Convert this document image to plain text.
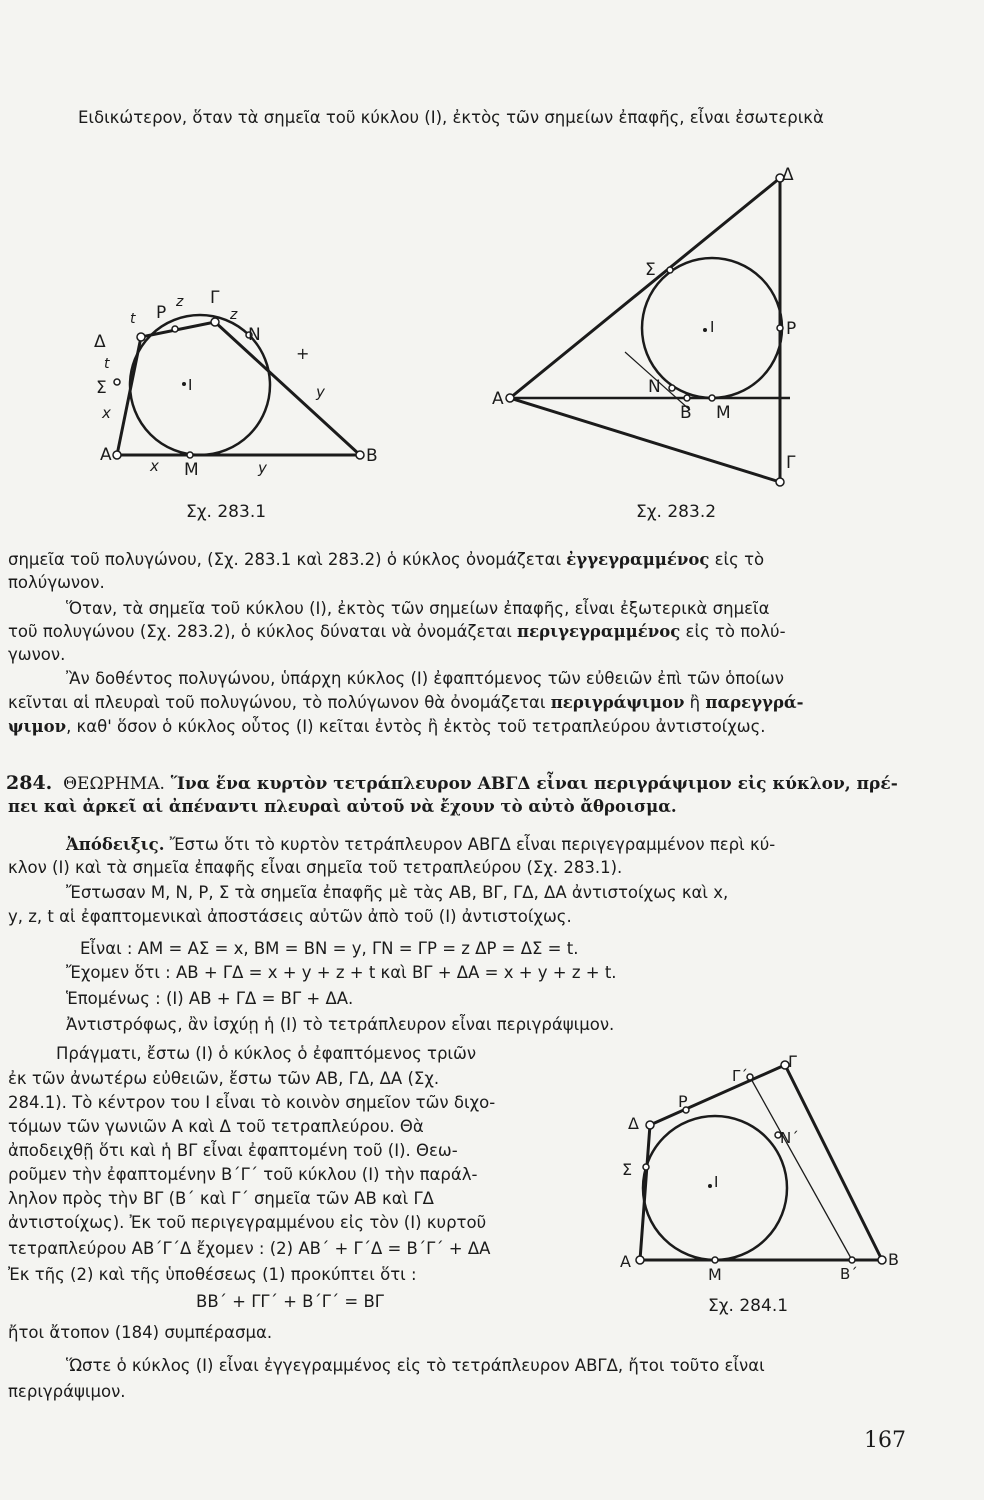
Ειδικώτερον, ὅταν τὰ σημεῖα τοῦ κύκλου (I), ἐκτὸς τῶν σημείων ἐπαφῆς, εἶναι ἐσωτερικὰ
Α	Β
Γ
Δ
Μ
Ν
Ρ
Σ	I
x
x
y
y
z
z
t
t
+
Σχ. 283.1
Α
Β
Γ
Δ
Μ
Ν
Ρ
Σ
I
Σχ. 283.2
σημεῖα τοῦ πολυγώνου, (Σχ. 283.1 καὶ 283.2) ὁ κύκλος ὀνομάζεται ἐγγεγραμμένος εἰς τὸ
πολύγωνον.
Ὅταν, τὰ σημεῖα τοῦ κύκλου (I), ἐκτὸς τῶν σημείων ἐπαφῆς, εἶναι ἐξωτερικὰ σημεῖα
τοῦ πολυγώνου (Σχ. 283.2), ὁ κύκλος δύναται νὰ ὀνομάζεται περιγεγραμμένος εἰς τὸ πολύ-
γωνον.
Ἂν δοθέντος πολυγώνου, ὑπάρχη κύκλος (I) ἐφαπτόμενος τῶν εὐθειῶν ἐπὶ τῶν ὁποίων
κεῖνται αἱ πλευραὶ τοῦ πολυγώνου, τὸ πολύγωνον θὰ ὀνομάζεται περιγράψιμον ἢ παρεγγρά-
ψιμον, καθ' ὅσον ὁ κύκλος οὗτος (I) κεῖται ἐντὸς ἢ ἐκτὸς τοῦ τετραπλεύρου ἀντιστοίχως.
284. ΘΕΩΡΗΜΑ. Ἵνα ἕνα κυρτὸν τετράπλευρον ΑΒΓΔ εἶναι περιγράψιμον εἰς κύκλον, πρέ-
πει καὶ ἀρκεῖ αἱ ἀπέναντι πλευραὶ αὐτοῦ νὰ ἔχουν τὸ αὐτὸ ἄθροισμα.
Ἀπόδειξις. Ἔστω ὅτι τὸ κυρτὸν τετράπλευρον ΑΒΓΔ εἶναι περιγεγραμμένον περὶ κύ-
κλον (I) καὶ τὰ σημεῖα ἐπαφῆς εἶναι σημεῖα τοῦ τετραπλεύρου (Σχ. 283.1).
Ἔστωσαν Μ, Ν, Ρ, Σ τὰ σημεῖα ἐπαφῆς μὲ τὰς ΑΒ, ΒΓ, ΓΔ, ΔΑ ἀντιστοίχως καὶ x,
y, z, t αἱ ἐφαπτομενικαὶ ἀποστάσεις αὐτῶν ἀπὸ τοῦ (I) ἀντιστοίχως.
Εἶναι : ΑΜ = ΑΣ = x, ΒΜ = ΒΝ = y, ΓΝ = ΓΡ = z ΔΡ = ΔΣ = t.
Ἔχομεν ὅτι : ΑΒ + ΓΔ = x + y + z + t καὶ ΒΓ + ΔΑ = x + y + z + t.
Ἑπομένως : (I) ΑΒ + ΓΔ = ΒΓ + ΔΑ.
Ἀντιστρόφως, ἂν ἰσχύῃ ἡ (I) τὸ τετράπλευρον εἶναι περιγράψιμον.
Πράγματι, ἔστω (I) ὁ κύκλος ὁ ἐφαπτόμενος τριῶν
ἐκ τῶν ἀνωτέρω εὐθειῶν, ἔστω τῶν ΑΒ, ΓΔ, ΔΑ (Σχ.
284.1). Τὸ κέντρον του I εἶναι τὸ κοινὸν σημεῖον τῶν διχο-
τόμων τῶν γωνιῶν Α καὶ Δ τοῦ τετραπλεύρου. Θὰ
ἀποδειχθῇ ὅτι καὶ ἡ ΒΓ εἶναι ἐφαπτομένη τοῦ (I). Θεω-
ροῦμεν τὴν ἐφαπτομένην Β΄Γ΄ τοῦ κύκλου (I) τὴν παράλ-
ληλον πρὸς τὴν ΒΓ (Β΄ καὶ Γ΄ σημεῖα τῶν ΑΒ καὶ ΓΔ
ἀντιστοίχως). Ἐκ τοῦ περιγεγραμμένου εἰς τὸν (I) κυρτοῦ
τετραπλεύρου ΑΒ΄Γ΄Δ ἔχομεν : (2) ΑΒ΄ + Γ΄Δ = Β΄Γ΄ + ΔΑ
Ἐκ τῆς (2) καὶ τῆς ὑποθέσεως (1) προκύπτει ὅτι :
ΒΒ΄ + ΓΓ΄ + Β΄Γ΄ = ΒΓ
ἤτοι ἄτοπον (184) συμπέρασμα.
Ὥστε ὁ κύκλος (I) εἶναι ἐγγεγραμμένος εἰς τὸ τετράπλευρον ΑΒΓΔ, ἤτοι τοῦτο εἶναι
περιγράψιμον.
Α	Β
Β΄
Γ
Γ΄
Δ
Μ
Ν΄
Ρ
Σ
I
Σχ. 284.1
167
